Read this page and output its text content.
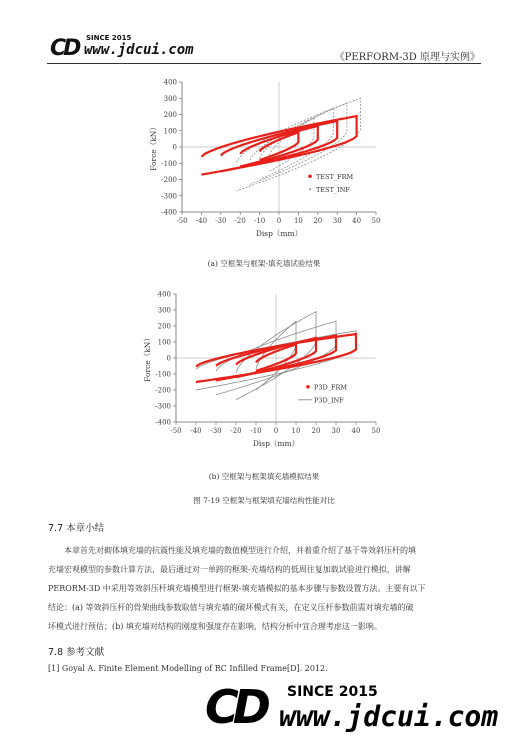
CD SINCE 2015
www.jdcui.com	《PERFORM-3D 原理与实例》
-400
-300
-200
-100
0
100
200
300
400
-50 -40 -30 -20 -10 0 10 20 30 40 50
Disp（mm）
Force（kN）
TEST_FRM
TEST_INF
(a) 空框架与框架-填充墙试验结果
-400
-300
-200
-100
0
100
200
300
400
-50 -40 -30 -20 -10 0 10 20 30 40 50
Disp（mm）
Force（kN）
P3D_FRM
P3D_INF
(b) 空框架与框架填充墙模拟结果
图 7-19 空框架与框架填充墙结构性能对比
7.7 本章小结
本章首先对砌体填充墙的抗震性能及填充墙的数值模型进行介绍，并着重介绍了基于等效斜压杆的填
充墙宏观模型的参数计算方法，最后通过对一单跨的框架-充墙结构的低周往复加载试验进行模拟，讲解
PERORM-3D 中采用等效斜压杆填充墙模型进行框架-填充墙模拟的基本步骤与参数设置方法。主要有以下
结论：(a) 等效斜压杆的骨架曲线参数取值与填充墙的破坏模式有关，在定义压杆参数前需对填充墙的破
坏模式进行预估；(b) 填充墙对结构的刚度和强度存在影响，结构分析中宜合理考虑这一影响。
7.8 参考文献
[1] Goyal A. Finite Element Modelling of RC Infilled Frame[D]. 2012.
CD SINCE 2015
www.jdcui.com
